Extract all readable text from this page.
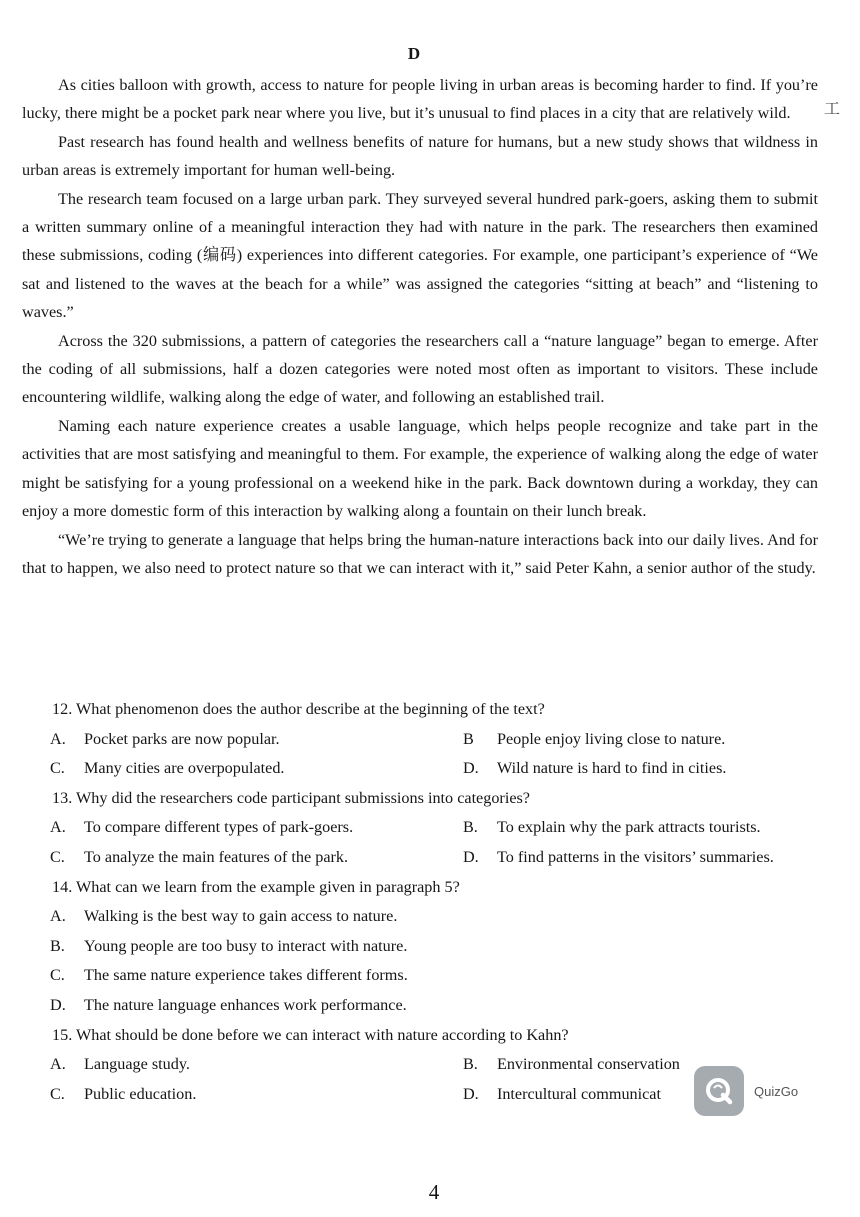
D

As cities balloon with growth, access to nature for people living in urban areas is becoming harder to find. If you’re lucky, there might be a pocket park near where you live, but it’s unusual to find places in a city that are relatively wild.

Past research has found health and wellness benefits of nature for humans, but a new study shows that wildness in urban areas is extremely important for human well-being.

The research team focused on a large urban park. They surveyed several hundred park-goers, asking them to submit a written summary online of a meaningful interaction they had with nature in the park. The researchers then examined these submissions, coding (编码) experiences into different categories. For example, one participant’s experience of “We sat and listened to the waves at the beach for a while” was assigned the categories “sitting at beach” and “listening to waves.”

Across the 320 submissions, a pattern of categories the researchers call a “nature language” began to emerge. After the coding of all submissions, half a dozen categories were noted most often as important to visitors. These include encountering wildlife, walking along the edge of water, and following an established trail.

Naming each nature experience creates a usable language, which helps people recognize and take part in the activities that are most satisfying and meaningful to them. For example, the experience of walking along the edge of water might be satisfying for a young professional on a weekend hike in the park. Back downtown during a workday, they can enjoy a more domestic form of this interaction by walking along a fountain on their lunch break.

“We’re trying to generate a language that helps bring the human-nature interactions back into our daily lives. And for that to happen, we also need to protect nature so that we can interact with it,” said Peter Kahn, a senior author of the study.

12. What phenomenon does the author describe at the beginning of the text?
A. Pocket parks are now popular.	B People enjoy living close to nature.
C. Many cities are overpopulated.	D. Wild nature is hard to find in cities.
13. Why did the researchers code participant submissions into categories?
A. To compare different types of park-goers.	B. To explain why the park attracts tourists.
C. To analyze the main features of the park.	D. To find patterns in the visitors’ summaries.
14. What can we learn from the example given in paragraph 5?
A. Walking is the best way to gain access to nature.
B. Young people are too busy to interact with nature.
C. The same nature experience takes different forms.
D. The nature language enhances work performance.
15. What should be done before we can interact with nature according to Kahn?
A. Language study.	B. Environmental conservation
C. Public education.	D. Intercultural communicat
工
QuizGo
4
